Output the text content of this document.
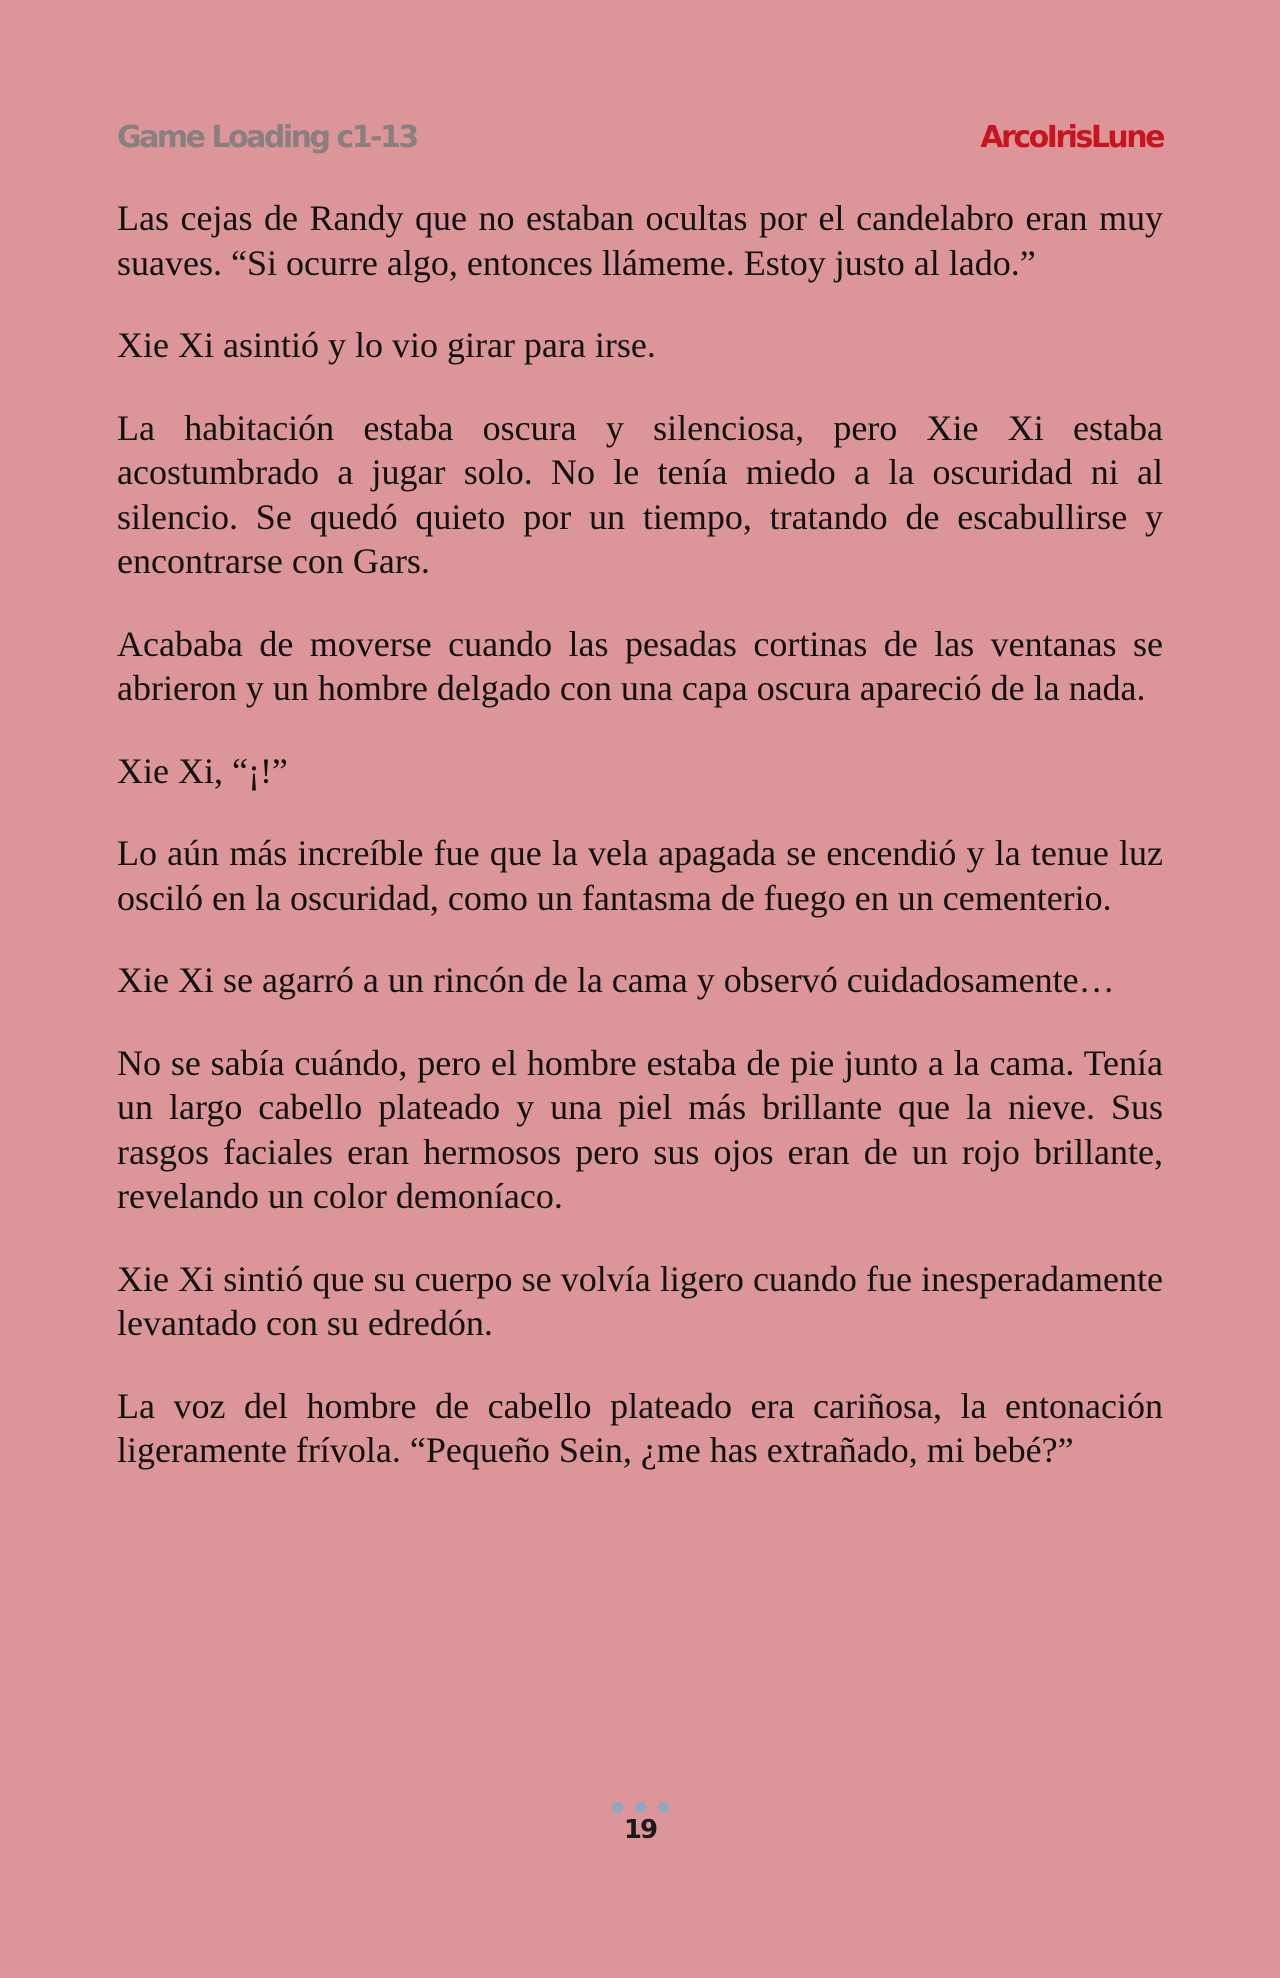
Game Loading c1-13	ArcoIrisLune

Las cejas de Randy que no estaban ocultas por el candelabro eran muy suaves. “Si ocurre algo, entonces llámeme. Estoy justo al lado.”

Xie Xi asintió y lo vio girar para irse.

La habitación estaba oscura y silenciosa, pero Xie Xi estaba acostumbrado a jugar solo. No le tenía miedo a la oscuridad ni al silencio. Se quedó quieto por un tiempo, tratando de escabullirse y encontrarse con Gars.

Acababa de moverse cuando las pesadas cortinas de las ventanas se abrieron y un hombre delgado con una capa oscura apareció de la nada.

Xie Xi, “¡!”

Lo aún más increíble fue que la vela apagada se encendió y la tenue luz osciló en la oscuridad, como un fantasma de fuego en un cementerio.

Xie Xi se agarró a un rincón de la cama y observó cuidadosamente…

No se sabía cuándo, pero el hombre estaba de pie junto a la cama. Tenía un largo cabello plateado y una piel más brillante que la nieve. Sus rasgos faciales eran hermosos pero sus ojos eran de un rojo brillante, revelando un color demoníaco.

Xie Xi sintió que su cuerpo se volvía ligero cuando fue inesperadamente levantado con su edredón.

La voz del hombre de cabello plateado era cariñosa, la entonación ligeramente frívola. “Pequeño Sein, ¿me has extrañado, mi bebé?”

19
